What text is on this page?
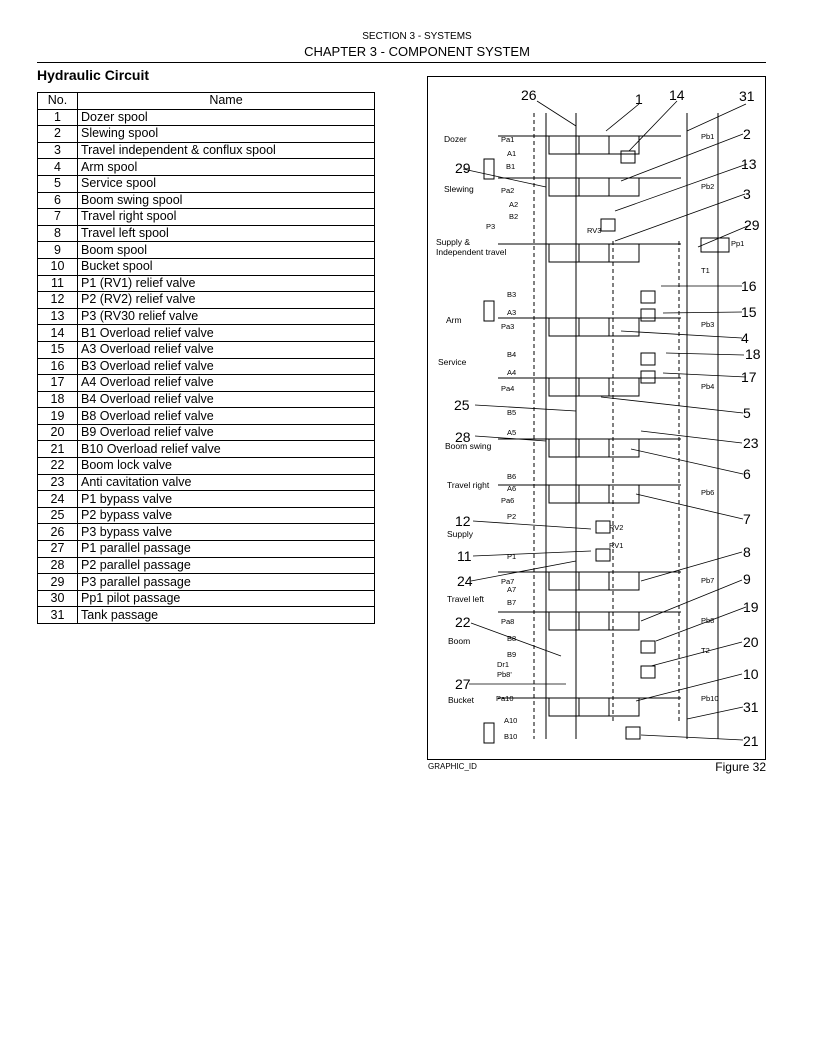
SECTION 3 - SYSTEMS
CHAPTER 3 - COMPONENT SYSTEM
Hydraulic Circuit
No.	Name
1	Dozer spool
2	Slewing spool
3	Travel independent & conflux spool
4	Arm spool
5	Service spool
6	Boom swing spool
7	Travel right spool
8	Travel left spool
9	Boom spool
10	Bucket spool
11	P1 (RV1) relief valve
12	P2 (RV2) relief valve
13	P3 (RV30 relief valve
14	B1 Overload relief valve
15	A3 Overload relief valve
16	B3 Overload relief valve
17	A4 Overload relief valve
18	B4 Overload relief valve
19	B8 Overload relief valve
20	B9 Overload relief valve
21	B10 Overload relief valve
22	Boom lock valve
23	Anti cavitation valve
24	P1 bypass valve
25	P2 bypass valve
26	P3 bypass valve
27	P1 parallel passage
28	P2 parallel passage
29	P3 parallel passage
30	Pp1 pilot passage
31	Tank passage
Dozer
Slewing
Supply &
Independent travel
Arm
Service
Boom swing
Travel right
Supply
Travel left
Boom
Bucket
Pa1
A1
B1
Pa2
A2
B2
P3	RV3
Pb1
Pb2
Pp1
T1
B3
A3
Pa3	Pb3
B4
A4
Pa4	Pb4
B5
A5
B6
A6
Pa6
Pb6
P2
RV2
P1
RV1
Pa7
A7
B7
Pb7
Pa8	Pb8
B8
B9
Dr1
Pb8'
T2
Pa10	Pb10
A10
B10
26	1 14	31
2
29	13
3
29
16
15
4
18
17
25	5
28	23
6
7
12
11	8
24	9
19
22
20
10
27
31
21
GRAPHIC_ID	Figure 32
